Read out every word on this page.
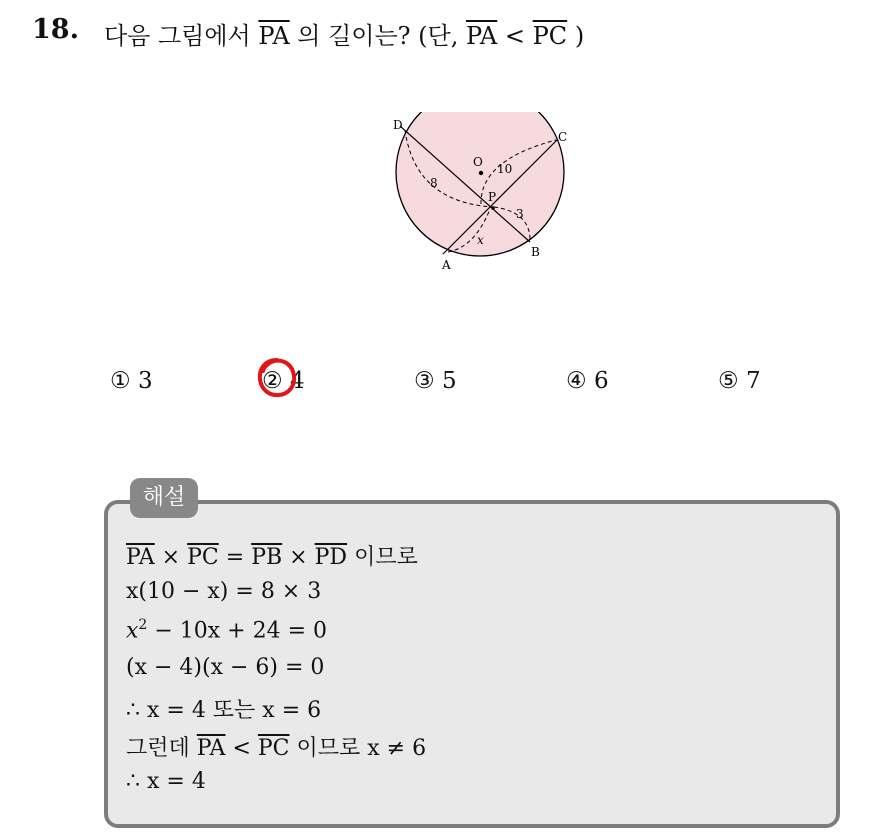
18. 다음 그림에서 $\overline{PA}$ 의 길이는? (단, $\overline{PA} < \overline{PC}$ )
D
C
O
P
A
B
8
10
3
x
① 3	② 4	③ 5	④ 6	⑤ 7
해설
$\overline{PA} \times \overline{PC} = \overline{PB} \times \overline{PD}$ 이므로
x(10 − x) = 8 × 3
$x^2 - 10x + 24 = 0$
(x − 4)(x − 6) = 0
∴ x = 4 또는 x = 6
그런데 $\overline{PA} < \overline{PC}$ 이므로 x ≠ 6
∴ x = 4
